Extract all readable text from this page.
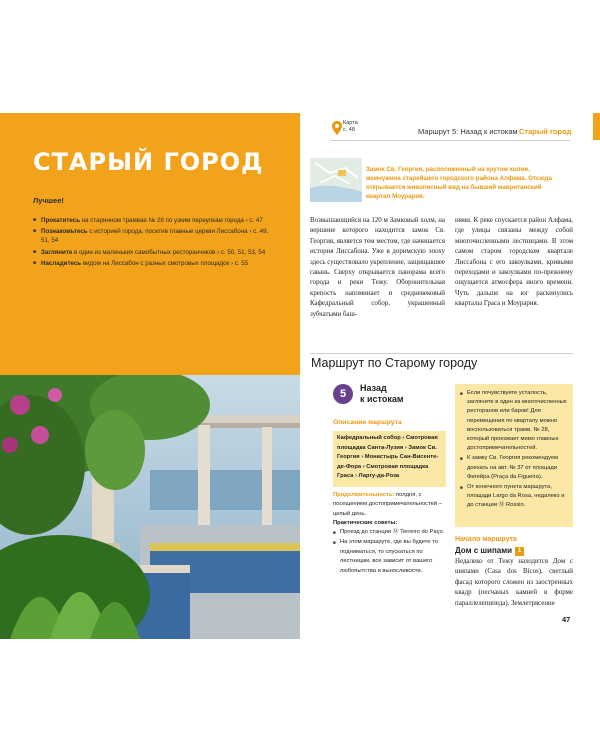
СТАРЫЙ ГОРОД
Лучшее!
■ Прокатитесь на старинном трамвае № 28 по узким переулкам города › с. 47
■ Познакомьтесь с историей города, посетив главные церкви Лиссабона › с. 49, 51, 54
■ Загляните в один из маленьких самобытных ресторанчиков › с. 50, 51, 53, 54
■ Насладитесь видом на Лиссабон с разных смотровых площадок › с. 55
Карта
с. 48	Маршрут 5: Назад к истокам Старый город
Замок Св. Георгия, расположенный на крутом холме, жемчужина старейшего городского района Алфама. Отсюда открывается живописный вид на бывший мавританский квартал Моурария.
Возвышающийся на 120 м Замковый холм, на вершине которого находится замок Св. Георгия, является тем местом, где начинается история Лиссабона. Уже в доримскую эпоху здесь существовало укрепление, защищавшее гавань. Сверху открывается панорама всего города и реки Тежу. Оборонительная крепость напоминает и средневековый Кафедральный собор, украшенный зубчатыми баш-
нями. К реке спускается район Алфама, где улицы связаны между собой многочисленными лестницами. В этом самом старом городском квартале Лиссабона с его закоулками, кривыми переходами и закоулками по-прежнему ощущается атмосфера иного времени. Чуть дальше на юг раскинулись кварталы Граса и Моурария.
Маршрут по Старому городу
5	Назад
к истокам
Описание маршрута
Кафедральный собор › Смотровая площадка Санта-Лузия › Замок Св. Георгия › Монастырь Сан-Висенте-де-Фора › Смотровая площадка Граса › Ларгу-да-Роза
Продолжительность: полдня, с посещением достопримечательностей – целый день.
Практические советы:
■ Проезд до станции Ⓜ Terreiro do Paço.
■ На этом маршруте, где вы будете то подниматься, то спускаться по лестницам, все зависит от вашего любопытства и выносливости.
■ Если почувствуете усталость, загляните в один из многочисленных ресторанов или баров! Для перемещения по кварталу можно воспользоваться трамв. № 28, который проезжает мимо главных достопримечательностей.
■ К замку Св. Георгия рекомендуем доехать на авт. № 37 от площади Фигейра (Praça da Figueira).
■ От конечного пункта маршрута, площади Largo da Rosa, недалеко и до станции Ⓜ Rossio.
Начало маршрута
Дом с шипами 1
Недалеко от Тежу находится Дом с шипами (Casa dos Bicos), светлый фасад которого сложен из заостренных квадр (песчаных камней в форме параллелепипеда). Землетрясение
47
